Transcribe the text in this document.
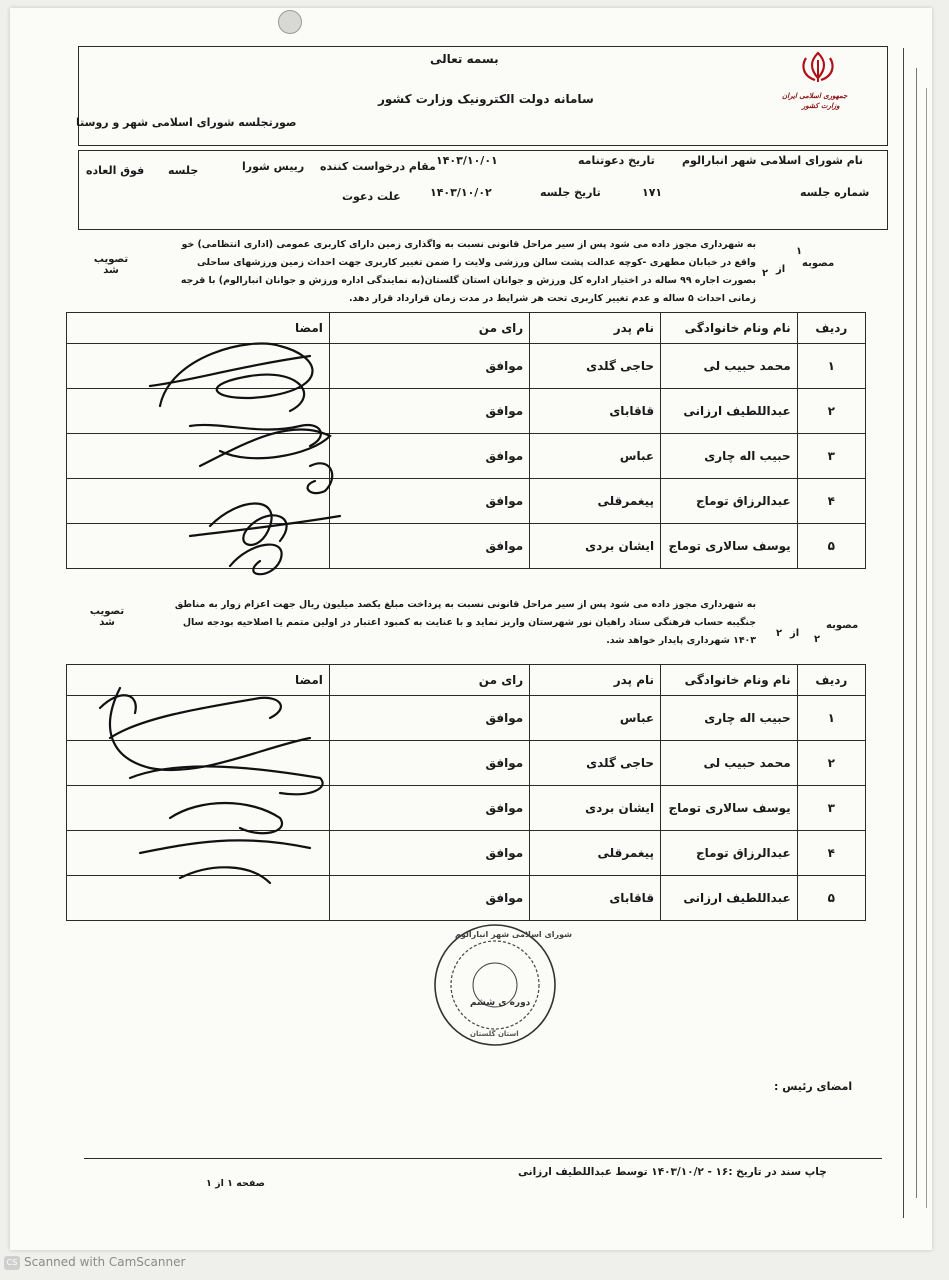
بسمه تعالی
سامانه دولت الکترونیک وزارت کشور
صورتجلسه شورای اسلامی شهر و روستا
جمهوری اسلامی ایران
وزارت کشور
نام شورای اسلامی شهر انبارالوم
تاریخ دعوتنامه
۱۴۰۳/۱۰/۰۱
مقام درخواست کننده
رییس شورا
جلسه
فوق العاده
شماره جلسه
۱۷۱
تاریخ جلسه
۱۴۰۳/۱۰/۰۲
علت دعوت
مصوبه
۱
از
۲
تصویب شد
به شهرداری مجوز داده می شود پس از سیر مراحل قانونی نسبت به واگذاری زمین دارای کاربری عمومی (اداری انتظامی) خو
واقع در خیابان مطهری -کوچه عدالت پشت سالن ورزشی ولایت را ضمن تغییر کاربری جهت احداث زمین ورزشهای ساحلی
بصورت اجاره ۹۹ ساله در اختیار اداره کل ورزش و جوانان استان گلستان(به نمایندگی اداره ورزش و جوانان انبارالوم) با قرجه
زمانی احداث ۵ ساله و عدم تغییر کاربری تحت هر شرایط در مدت زمان قرارداد قرار دهد.
ردیف	نام ونام خانوادگی	نام پدر	رای من	امضا
۱	محمد حبیب لی	حاجی گلدی	موافق	
۲	عبداللطیف ارزانی	قاقابای	موافق	
۳	حبیب اله چاری	عباس	موافق	
۴	عبدالرزاق توماج	پیغمرقلی	موافق	
۵	یوسف سالاری توماج	ایشان بردی	موافق	
مصوبه
۲
از
۲
تصویب شد
به شهرداری مجوز داده می شود پس از سیر مراحل قانونی نسبت به پرداخت مبلغ یکصد میلیون ریال جهت اعزام زوار به مناطق
جنگیبه حساب فرهنگی ستاد راهیان نور شهرستان واریز نماید و با عنایت به کمبود اعتبار در اولین متمم یا اصلاحیه بودجه سال
۱۴۰۳ شهرداری پایدار خواهد شد.
ردیف	نام ونام خانوادگی	نام پدر	رای من	امضا
۱	حبیب اله چاری	عباس	موافق	
۲	محمد حبیب لی	حاجی گلدی	موافق	
۳	یوسف سالاری توماج	ایشان بردی	موافق	
۴	عبدالرزاق توماج	پیغمرقلی	موافق	
۵	عبداللطیف ارزانی	قاقابای	موافق	
شورای اسلامی شهر انبارالوم
دوره ی ششم
استان گلستان
امضای رئیس :
چاپ سند در تاریخ :۱۶ - ۱۴۰۳/۱۰/۲ توسط عبداللطیف ارزانی
صفحه ۱ از ۱
CS Scanned with CamScanner
